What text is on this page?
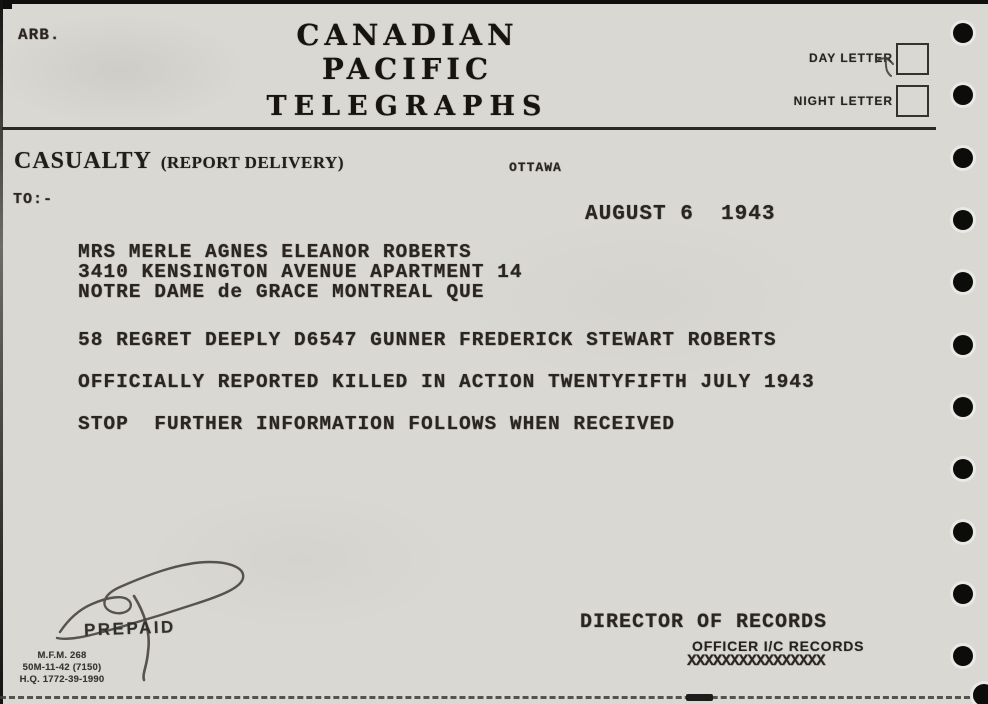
ARB.	CANADIAN PACIFIC
TELEGRAPHS
DAY LETTER
NIGHT LETTER
CASUALTY (REPORT DELIVERY)	OTTAWA
TO:-
AUGUST 6  1943
MRS MERLE AGNES ELEANOR ROBERTS
3410 KENSINGTON AVENUE APARTMENT 14
NOTRE DAME de GRACE MONTREAL QUE
58 REGRET DEEPLY D6547 GUNNER FREDERICK STEWART ROBERTS
OFFICIALLY REPORTED KILLED IN ACTION TWENTYFIFTH JULY 1943
STOP  FURTHER INFORMATION FOLLOWS WHEN RECEIVED
PREPAID
M.F.M. 268
50M-11-42 (7150)
H.Q. 1772-39-1990
DIRECTOR OF RECORDS
OFFICER I/C RECORDS
XXXXXXXXXXXXXXXX
